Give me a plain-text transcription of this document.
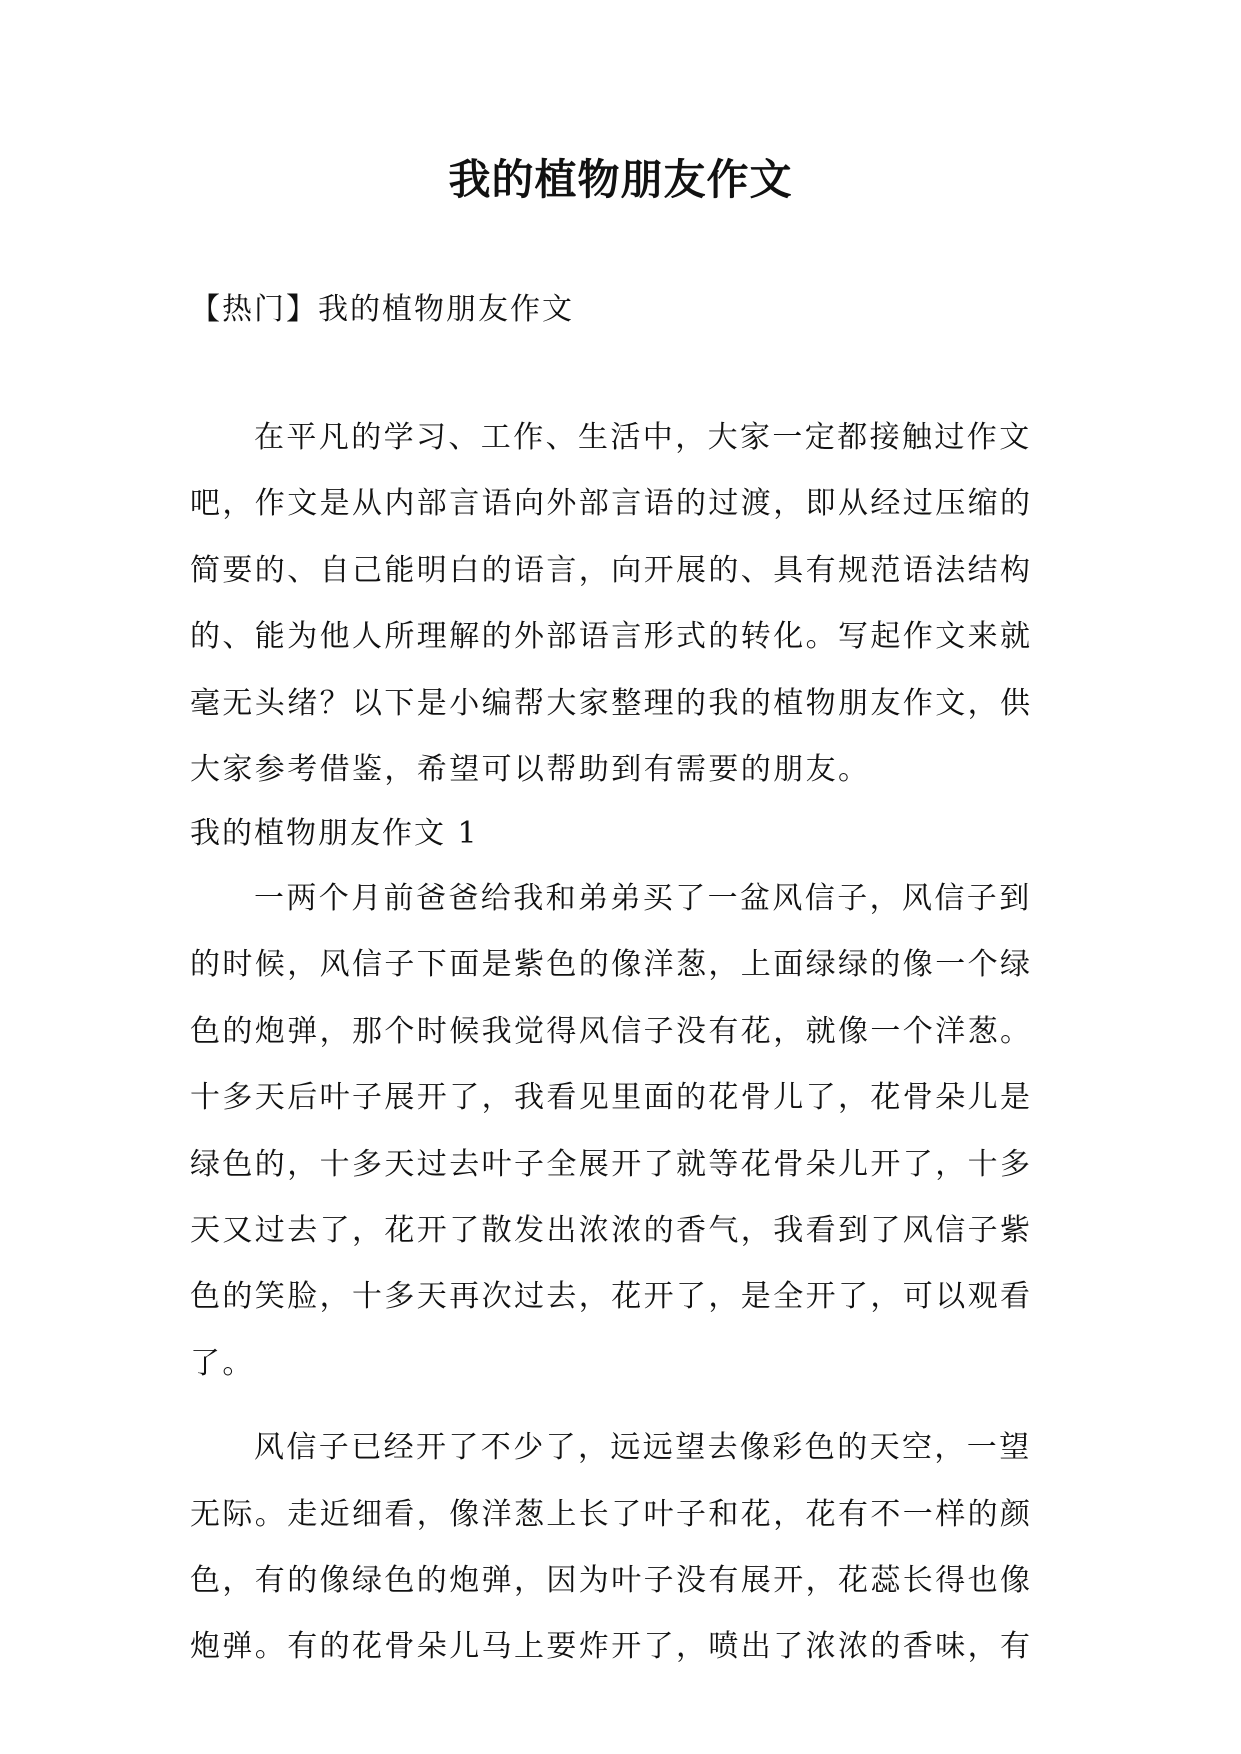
我的植物朋友作文
【热门】我的植物朋友作文
在平凡的学习、工作、生活中，大家一定都接触过作文
吧，作文是从内部言语向外部言语的过渡，即从经过压缩的
简要的、自己能明白的语言，向开展的、具有规范语法结构
的、能为他人所理解的外部语言形式的转化。写起作文来就
毫无头绪？以下是小编帮大家整理的我的植物朋友作文，供
大家参考借鉴，希望可以帮助到有需要的朋友。
我的植物朋友作文 1
一两个月前爸爸给我和弟弟买了一盆风信子，风信子到
的时候，风信子下面是紫色的像洋葱，上面绿绿的像一个绿
色的炮弹，那个时候我觉得风信子没有花，就像一个洋葱。
十多天后叶子展开了，我看见里面的花骨儿了，花骨朵儿是
绿色的，十多天过去叶子全展开了就等花骨朵儿开了，十多
天又过去了，花开了散发出浓浓的香气，我看到了风信子紫
色的笑脸，十多天再次过去，花开了，是全开了，可以观看
了。
风信子已经开了不少了，远远望去像彩色的天空，一望
无际。走近细看，像洋葱上长了叶子和花，花有不一样的颜
色，有的像绿色的炮弹，因为叶子没有展开，花蕊长得也像
炮弹。有的花骨朵儿马上要炸开了，喷出了浓浓的香味，有
